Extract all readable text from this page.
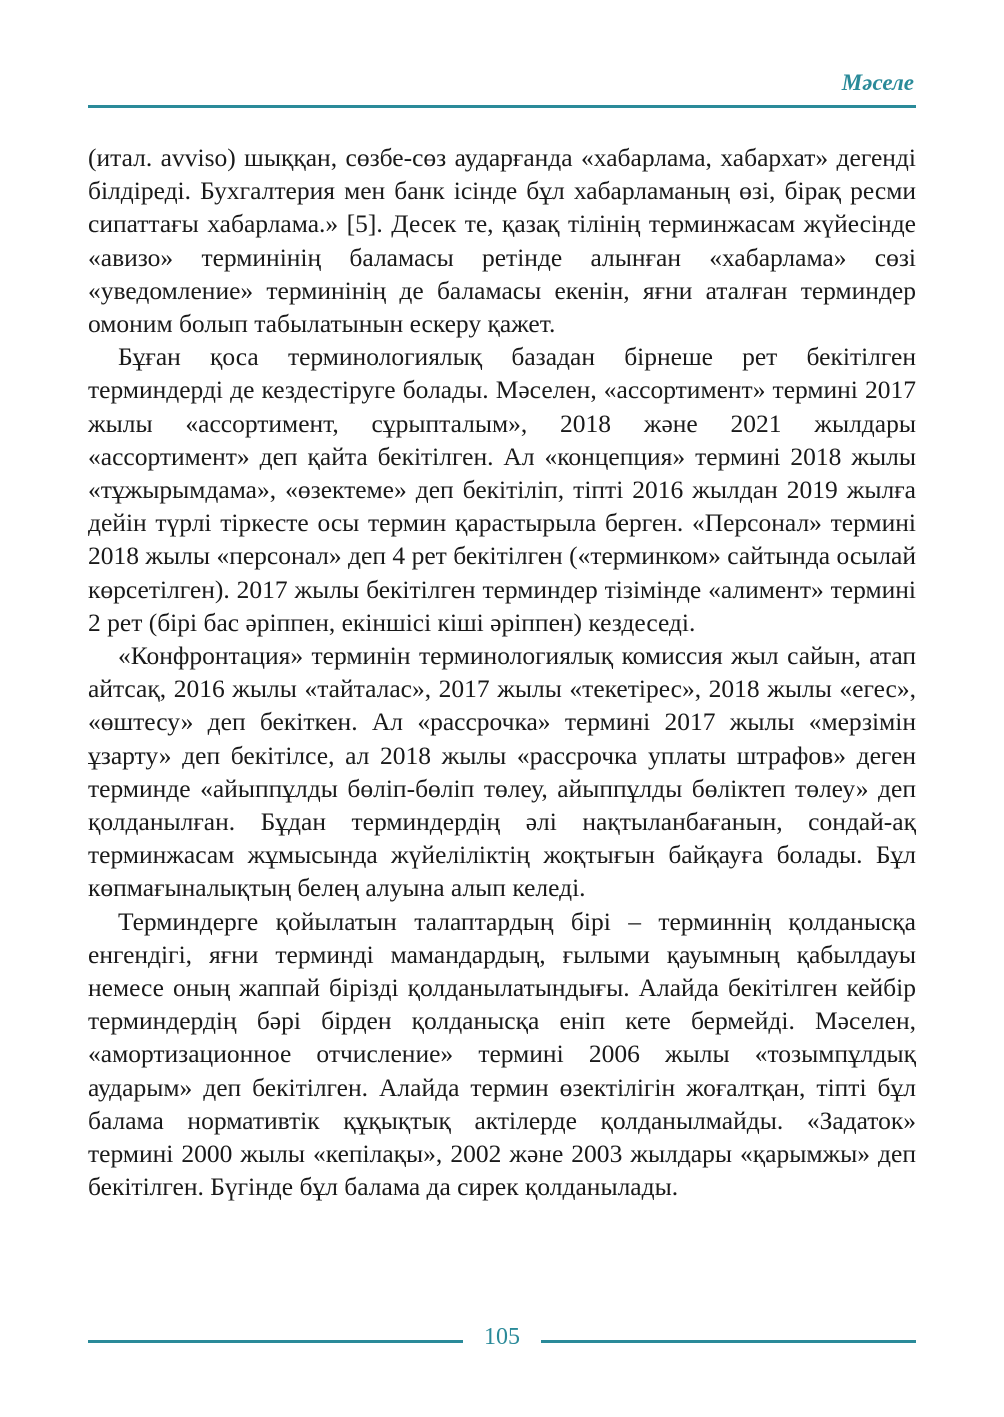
Мәселе

(итал. avviso) шыққан, сөзбе-сөз аударғанда «хабарлама, хабархат» дегенді білдіреді. Бухгалтерия мен банк ісінде бұл хабарламаның өзі, бірақ ресми сипаттағы хабарлама.» [5]. Десек те, қазақ тілінің терминжасам жүйесінде «авизо» терминінің баламасы ретінде алынған «хабарлама» сөзі «уведомление» терминінің де баламасы екенін, яғни аталған терминдер омоним болып табылатынын ескеру қажет.

Бұған қоса терминологиялық базадан бірнеше рет бекітілген терминдерді де кездестіруге болады. Мәселен, «ассортимент» термині 2017 жылы «ассортимент, сұрыпталым», 2018 және 2021 жылдары «ассортимент» деп қайта бекітілген. Ал «концепция» термині 2018 жылы «тұжырымдама», «өзектеме» деп бекітіліп, тіпті 2016 жылдан 2019 жылға дейін түрлі тіркесте осы термин қарастырыла берген. «Персонал» термині 2018 жылы «персонал» деп 4 рет бекітілген («терминком» сайтында осылай көрсетілген). 2017 жылы бекітілген терминдер тізімінде «алимент» термині 2 рет (бірі бас әріппен, екіншісі кіші әріппен) кездеседі.

«Конфронтация» терминін терминологиялық комиссия жыл сайын, атап айтсақ, 2016 жылы «тайталас», 2017 жылы «текетірес», 2018 жылы «егес», «өштесу» деп бекіткен. Ал «рассрочка» термині 2017 жылы «мерзімін ұзарту» деп бекітілсе, ал 2018 жылы «рассрочка уплаты штрафов» деген терминде «айыппұлды бөліп-бөліп төлеу, айыппұлды бөліктеп төлеу» деп қолданылған. Бұдан терминдердің әлі нақтыланбағанын, сондай-ақ терминжасам жұмысында жүйеліліктің жоқтығын байқауға болады. Бұл көпмағыналықтың белең алуына алып келеді.

Терминдерге қойылатын талаптардың бірі – терминнің қолданысқа енгендігі, яғни терминді мамандардың, ғылыми қауымның қабылдауы немесе оның жаппай бірізді қолданылатындығы. Алайда бекітілген кейбір терминдердің бәрі бірден қолданысқа еніп кете бермейді. Мәселен, «амортизационное отчисление» термині 2006 жылы «тозымпұлдық аударым» деп бекітілген. Алайда термин өзектілігін жоғалтқан, тіпті бұл балама нормативтік құқықтық актілерде қолданылмайды. «Задаток» термині 2000 жылы «кепілақы», 2002 және 2003 жылдары «қарымжы» деп бекітілген. Бүгінде бұл балама да сирек қолданылады.

105
